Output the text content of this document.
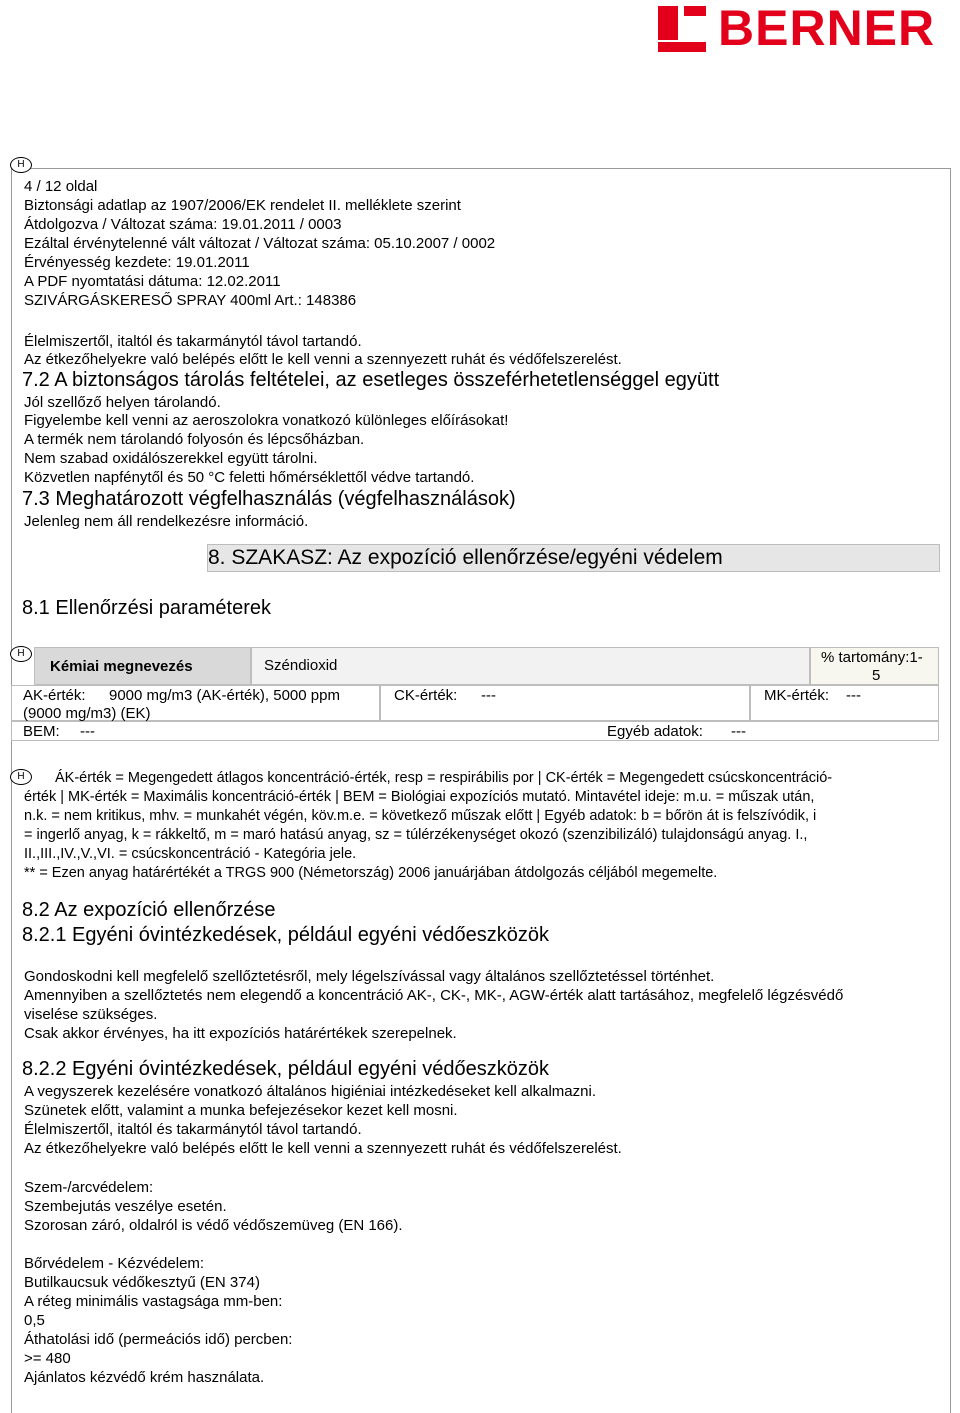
BERNER
H
4 / 12 oldal
Biztonsági adatlap az 1907/2006/EK rendelet II. melléklete szerint
Átdolgozva / Változat száma: 19.01.2011 / 0003
Ezáltal érvénytelenné vált változat / Változat száma: 05.10.2007 / 0002
Érvényesség kezdete: 19.01.2011
A PDF nyomtatási dátuma: 12.02.2011
SZIVÁRGÁSKERESŐ SPRAY 400ml Art.: 148386
Élelmiszertől, italtól és takarmánytól távol tartandó.
Az étkezőhelyekre való belépés előtt le kell venni a szennyezett ruhát és védőfelszerelést.
7.2 A biztonságos tárolás feltételei, az esetleges összeférhetetlenséggel együtt
Jól szellőző helyen tárolandó.
Figyelembe kell venni az aeroszolokra vonatkozó különleges előírásokat!
A termék nem tárolandó folyosón és lépcsőházban.
Nem szabad oxidálószerekkel együtt tárolni.
Közvetlen napfénytől és 50 °C feletti hőmérséklettől védve tartandó.
7.3 Meghatározott végfelhasználás (végfelhasználások)
Jelenleg nem áll rendelkezésre információ.
8. SZAKASZ: Az expozíció ellenőrzése/egyéni védelem
8.1 Ellenőrzési paraméterek
H
Kémiai megnevezés	Széndioxid	% tartomány:1-
5
AK-érték: 9000 mg/m3 (AK-érték), 5000 ppm
(9000 mg/m3) (EK)
CK-érték: ---	MK-érték: ---
BEM: ---	Egyéb adatok: ---
H	ÁK-érték = Megengedett átlagos koncentráció-érték, resp = respirábilis por | CK-érték = Megengedett csúcskoncentráció-
érték | MK-érték = Maximális koncentráció-érték | BEM = Biológiai expozíciós mutató. Mintavétel ideje: m.u. = műszak után,
n.k. = nem kritikus, mhv. = munkahét végén, köv.m.e. = következő műszak előtt | Egyéb adatok: b = bőrön át is felszívódik, i
= ingerlő anyag, k = rákkeltő, m = maró hatású anyag, sz = túlérzékenységet okozó (szenzibilizáló) tulajdonságú anyag. I.,
II.,III.,IV.,V.,VI. = csúcskoncentráció - Kategória jele.
** = Ezen anyag határértékét a TRGS 900 (Németország) 2006 januárjában átdolgozás céljából megemelte.
8.2 Az expozíció ellenőrzése
8.2.1 Egyéni óvintézkedések, például egyéni védőeszközök
Gondoskodni kell megfelelő szellőztetésről, mely légelszívással vagy általános szellőztetéssel történhet.
Amennyiben a szellőztetés nem elegendő a koncentráció AK-, CK-, MK-, AGW-érték alatt tartásához, megfelelő légzésvédő
viselése szükséges.
Csak akkor érvényes, ha itt expozíciós határértékek szerepelnek.
8.2.2 Egyéni óvintézkedések, például egyéni védőeszközök
A vegyszerek kezelésére vonatkozó általános higiéniai intézkedéseket kell alkalmazni.
Szünetek előtt, valamint a munka befejezésekor kezet kell mosni.
Élelmiszertől, italtól és takarmánytól távol tartandó.
Az étkezőhelyekre való belépés előtt le kell venni a szennyezett ruhát és védőfelszerelést.
Szem-/arcvédelem:
Szembejutás veszélye esetén.
Szorosan záró, oldalról is védő védőszemüveg (EN 166).
Bőrvédelem - Kézvédelem:
Butilkaucsuk védőkesztyű (EN 374)
A réteg minimális vastagsága mm-ben:
0,5
Áthatolási idő (permeációs idő) percben:
>= 480
Ajánlatos kézvédő krém használata.
